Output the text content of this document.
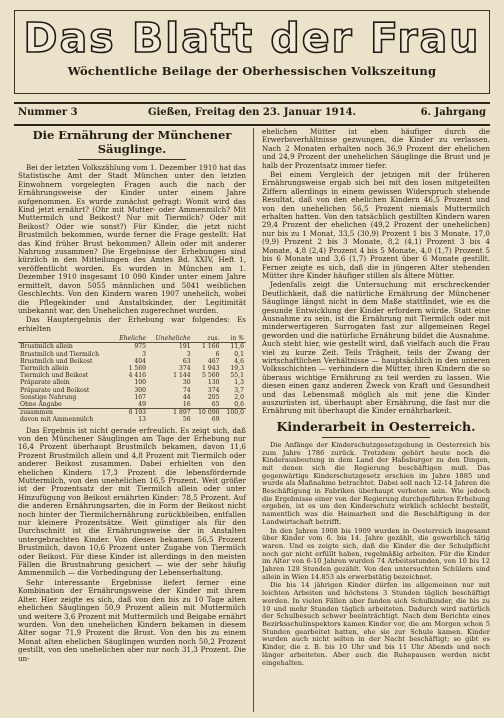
Das Blatt der Frau
Wöchentliche Beilage der Oberhessischen Volkszeitung
Nummer 3	Gießen, Freitag den 23. Januar 1914.	6. Jahrgang
Die Ernährung der Münchener Säuglinge.

Bei der letzten Volkszählung vom 1. Dezember 1910 hat das Statistische Amt der Stadt München unter den letzten Einwohnern vorgelegten Fragen auch die nach der Ernährungsweise der Kinder unter einem Jahre aufgenommen. Es wurde zunächst gefragt: Womit wird das Kind jetzt ernährt? (Ohr mit Mutter- oder Ammenmilch? Mit Muttermilch und Beikost? Nur mit Tiermilch? Oder mit Beikost? Oder wie sonst?) Für Kinder, die jetzt nicht Brustmilch bekommen, wurde ferner die Frage gestellt: Hat das Kind früher Brust bekommen? Allein oder mit anderer Nahrung zusammen? Die Ergebnisse der Erhebungen sind kürzlich in den Mitteilungen des Amtes Bd. XXIV, Heft 1, veröffentlicht worden. Es wurden in München am 1. Dezember 1910 insgesamt 10 090 Kinder unter einem Jahre ermittelt, davon 5055 männlichen und 5041 weiblichen Geschlechts. Von den Kindern waren 1907 unehelich, wobei die Pflegekinder und Anstaltskinder, der Legitimität unbekannt war, den Unehelichen zugerechnet wurden.

Das Hauptergebnis der Erhebung war folgendes: Es erhielten

	Eheliche	Uneheliche	zus.	in %
Brustmilch allein	975	191	1 166	11,6
Brustmilch und Tiermilch	3	3	6	0,1
Brustmilch und Beikost	404	63	467	4,6
Tiermilch allein	1 569	374	1 943	19,3
Tiermilch und Beikost	4 416	1 144	5 560	55,1
Präparate allein	100	30	130	1,3
Präparate und Beikost	300	74	374	3,7
Sonstige Nahrung	167	44	205	2,0
Ohne Angabe	49	16	65	0,6
zusammen	8 193	1 897	10 090	100,0
davon mit Ammenmilch	13	56	69	

Das Ergebnis ist nicht gerade erfreulich. Es zeigt sich, daß von den Münchener Säuglingen am Tage der Erhebung nur 16,4 Prozent überhaupt Brustmilch bekamen, davon 11,6 Prozent Brustmilch allein und 4,8 Prozent mit Tiermilch oder anderer Beikost zusammen. Dabei erhielten von den ehelichen Kindern 17,3 Prozent die lebensfördernde Muttermilch, von den unehelichen 16,5 Prozent. Weit größer ist der Prozentsatz der mit Tiermilch allein oder unter Hinzufügung von Beikost ernährten Kinder: 78,5 Prozent. Auf die anderen Ernährungsarten, die in Form der Beikost nicht noch hinter der Tiermilchernährung zurückbleiben, entfallen nur kleinere Prozentsätze. Weit günstiger als für den Durchschnitt ist die Ernährungsweise der in Anstalten untergebrachten Kinder. Von diesen bekamen 56,5 Prozent Brustmilch, davon 10,6 Prozent unter Zugabe von Tiermilch oder Beikost. Für diese Kinder ist allerdings in den meisten Fällen die Brustnahrung gesichert — wie der sehr häufig Ammenmilch — die Vorbedingung der Lebenserhaltung.

Sehr interessante Ergebnisse liefert ferner eine Kombination der Ernährungsweise der Kinder mit ihrem Alter. Hier zeigte es sich, daß von den bis zu 10 Tage alten ehelichen Säuglingen 50,9 Prozent allein mit Muttermilch und weitere 3,6 Prozent mit Muttermilch und Beigabe ernährt wurden. Von den unehelichen Kindern bekamen in diesem Alter sogar 71,9 Prozent die Brust. Von den bis zu einem Monat alten ehelichen Säuglingen wurden noch 50,2 Prozent gestillt, von den unehelichen aber nur noch 31,3 Prozent. Die un-

ehelichen Mütter ist eben häufiger durch die Erwerbsverhältnisse gezwungen, die Kinder zu verlassen. Nach 2 Monaten erhalten noch 36,9 Prozent der ehelichen und 24,9 Prozent der unehelichen Säuglinge die Brust und je halb der Prozentsatz immer tiefer.

Bei einem Vergleich der jetzigen mit der früheren Ernährungsweise ergab sich bei mit den losen mitgeteilten Ziffern allerdings in einem gewissen Widerspruch stehende Resultat, daß von den ehelichen Kindern 46,5 Prozent und von den unehelichen 56,5 Prozent niemals Muttermilch erhalten hatten. Von den tatsächlich gestillten Kindern waren 29,4 Prozent der ehelichen (49,2 Prozent der unehelichen) nur bis zu 1 Monat, 33,5 (30,9) Prozent 1 bis 3 Monate, 17,0 (9,9) Prozent 2 bis 3 Monate, 8,2 (4,1) Prozent 3 bis 4 Monate, 4,8 (2,4) Prozent 4 bis 5 Monate, 4,0 (1,7) Prozent 5 bis 6 Monate und 3,6 (1,7) Prozent über 6 Monate gestillt. Ferner zeigte es sich, daß die in jüngeren Alter stehenden Mütter ihre Kinder häufiger stillen als ältere Mütter.

Jedenfalls zeigt die Untersuchung mit erschreckender Deutlichkeit, daß die natürliche Ernährung der Münchener Säuglinge längst nicht in dem Maße stattfindet, wie es die gesunde Entwicklung der Kinder erfordern würde. Statt eine Ausnahme zu sein, ist die Ernährung mit Tiermilch oder mit minderwertigeren Surrogaten fast zur allgemeinen Regel geworden und die natürliche Ernährung bildet die Ausnahme. Auch steht hier, wie gestellt wird, daß vielfach auch die Frau viel zu kurze Zeit. Teils Trägheit, teils der Zwang der wirtschaftlichen Verhältnisse — hauptsächlich in den unteren Volksschichten — verhindern die Mütter, ihren Kindern die so überaus wichtige Ernährung zu teil werden zu lassen. Wie diesen einen ganz anderen Zweck von Kraft und Gesundheit und das Lebensmaß möglich als mit jene die Kinder auszurüsten ist, überhaupt aber Ernährung, die fast nur die Ernährung mit überhaupt die Kinder ernährbarkeit.

Kinderarbeit in Oesterreich.

Die Anfänge der Kinderschutzgesetzgebung in Oesterreich bis zum Jahre 1786 zurück. Trotzdem gehört heute noch die Kinderausbeutung in dem Land der Habsburger zu den Dingen, mit denen sich die Regierung beschäftigen muß. Das gegenwärtige Kinderschutzgesetz erschien im Jahre 1885 und wurde als Maßnahme betrachtet. Dabei soll nach 12-14 Jahren die Beschäftigung in Fabriken überhaupt verboten sein. Wie jedoch die Ergebnisse einer von der Regierung durchgeführten Erhebung ergeben, ist es um den Kinderschutz wirklich schlecht bestellt, namentlich was die Heimarbeit und die Beschäftigung in der Landwirtschaft betrifft.

In den Jahren 1908 bis 1909 wurden in Oesterreich insgesamt über Kinder vom 6. bis 14. Jahre gezählt, die gewerblich tätig waren. Und es zeigte sich, daß die Kinder die der Schulpflicht noch gar nicht erfüllt haben, regelmäßig arbeiten. Für die Kinder im Alter von 6-10 Jahren wurden 74 Arbeitsstunden, von 10 bis 12 Jahren 128 Stunden gezählt. Von den untersuchten Schülern sind allein in Wien 14.853 als erwerbstätig bezeichnet.

Die bis 14 jährigen Kinder dürfen im allgemeinen nur mit leichten Arbeiten und höchstens 3 Stunden täglich beschäftigt werden. In vielen Fällen aber fanden sich Schulkinder, die bis zu 10 und mehr Stunden täglich arbeiteten. Dadurch wird natürlich der Schulbesuch schwer beeinträchtigt. Nach dem Berichte eines Bezirksschulinspektors kamen Kinder vor, die am Morgen schon 5 Stunden gearbeitet hatten, ehe sie zur Schule kamen. Kinder wurden auch nicht selten in der Nacht beschäftigt; so gibt es Kinder, die z. B. bis 10 Uhr und bis 11 Uhr Abends und noch länger arbeiteten. Aber auch die Ruhepausen werden nicht eingehalten.
